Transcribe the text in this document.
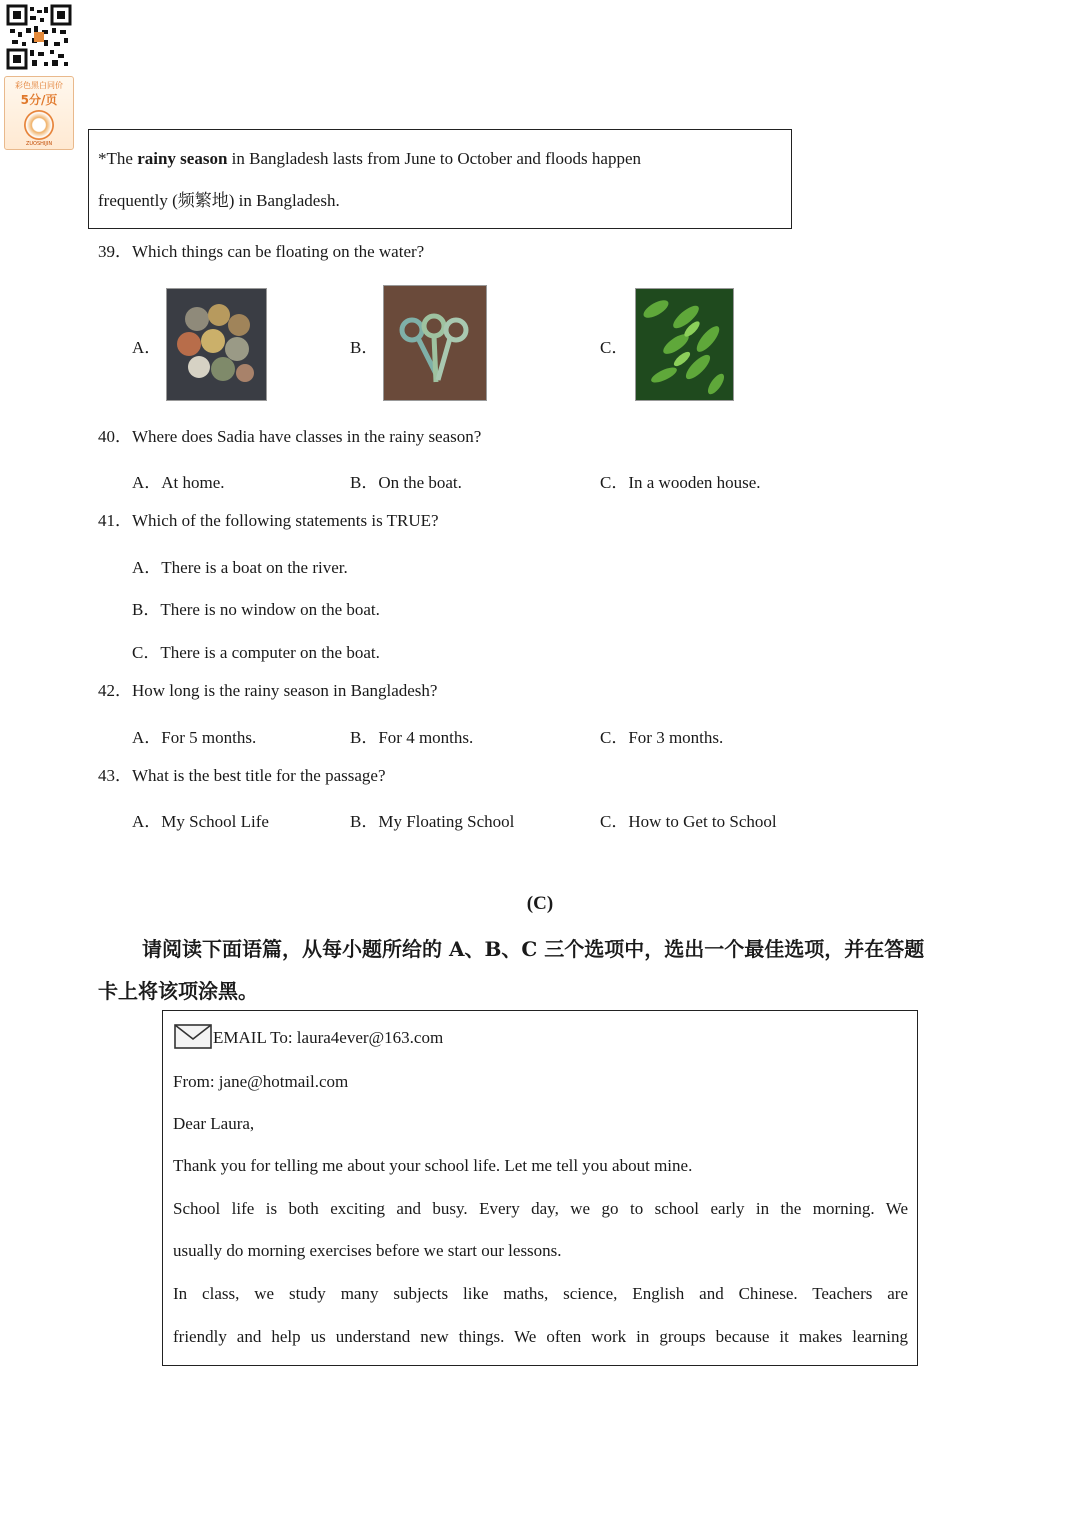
彩色黑白同价
5分/页
ZUOSHIJIN
*The rainy season in Bangladesh lasts from June to October and floods happen
frequently (频繁地) in Bangladesh.
39．Which things can be floating on the water?
A．	B．	C．
40．Where does Sadia have classes in the rainy season?
A．At home.	B．On the boat.	C．In a wooden house.
41．Which of the following statements is TRUE?
A．There is a boat on the river.
B．There is no window on the boat.
C．There is a computer on the boat.
42．How long is the rainy season in Bangladesh?
A．For 5 months.	B．For 4 months.	C．For 3 months.
43．What is the best title for the passage?
A．My School Life	B．My Floating School	C．How to Get to School
(C)
请阅读下面语篇，从每小题所给的 A、B、C 三个选项中，选出一个最佳选项，并在答题
卡上将该项涂黑。
EMAIL To: laura4ever@163.com
From: jane@hotmail.com
Dear Laura,
Thank you for telling me about your school life. Let me tell you about mine.
School life is both exciting and busy. Every day, we go to school early in the morning. We
usually do morning exercises before we start our lessons.
In class, we study many subjects like maths, science, English and Chinese. Teachers are
friendly and help us understand new things. We often work in groups because it makes learning
